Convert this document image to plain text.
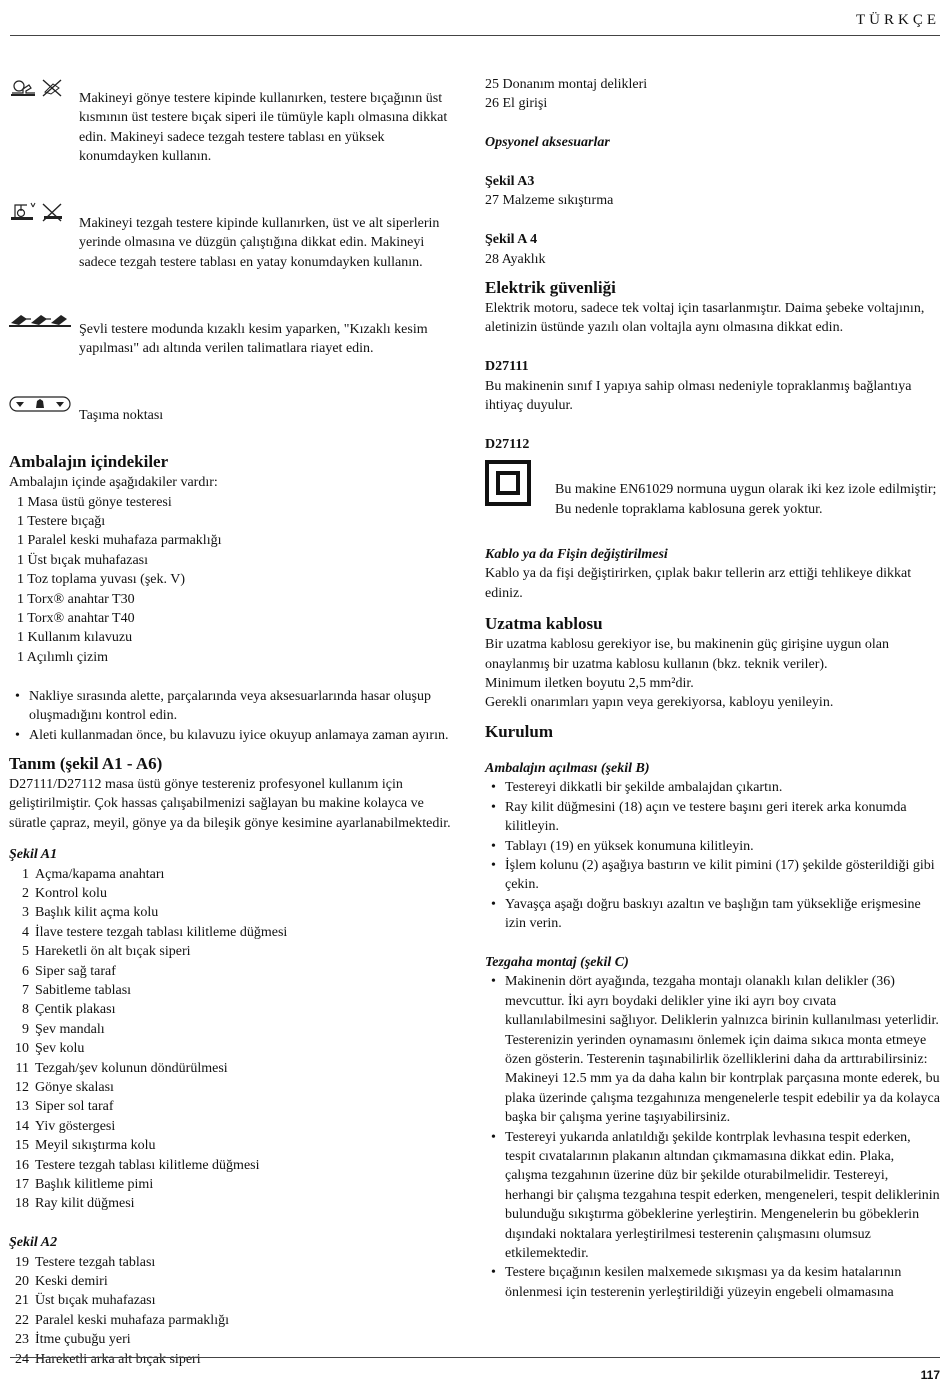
TÜRKÇE

Makineyi gönye testere kipinde kullanırken, testere bıçağının üst kısmının üst testere bıçak siperi ile tümüyle kaplı olmasına dikkat edin. Makineyi sadece tezgah testere tablası en yüksek konumdayken kullanın.

Makineyi tezgah testere kipinde kullanırken, üst ve alt siperlerin yerinde olmasına ve düzgün çalıştığına dikkat edin. Makineyi sadece tezgah testere tablası en yatay konumdayken kullanın.

Şevli testere modunda kızaklı kesim yaparken, "Kızaklı kesim yapılması" adı altında verilen talimatlara riayet edin.

Taşıma noktası

Ambalajın içindekiler

Ambalajın içinde aşağıdakiler vardır:

1 Masa üstü gönye testeresi
1 Testere bıçağı
1 Paralel keski muhafaza parmaklığı
1 Üst bıçak muhafazası
1 Toz toplama yuvası (şek. V)
1 Torx® anahtar T30
1 Torx® anahtar T40
1 Kullanım kılavuzu
1 Açılımlı çizim
• Nakliye sırasında alette, parçalarında veya aksesuarlarında hasar oluşup oluşmadığını kontrol edin.
• Aleti kullanmadan önce, bu kılavuzu iyice okuyup anlamaya zaman ayırın.

Tanım (şekil A1 - A6)

D27111/D27112 masa üstü gönye testereniz profesyonel kullanım için geliştirilmiştir. Çok hassas çalışabilmenizi sağlayan bu makine kolayca ve süratle çapraz, meyil, gönye ya da bileşik gönye kesimine ayarlanabilmektedir.

Şekil A1

1 Açma/kapama anahtarı
2 Kontrol kolu
3 Başlık kilit açma kolu
4 İlave testere tezgah tablası kilitleme düğmesi
5 Hareketli ön alt bıçak siperi
6 Siper sağ taraf
7 Sabitleme tablası
8 Çentik plakası
9 Şev mandalı
10 Şev kolu
11 Tezgah/şev kolunun döndürülmesi
12 Gönye skalası
13 Siper sol taraf
14 Yiv göstergesi
15 Meyil sıkıştırma kolu
16 Testere tezgah tablası kilitleme düğmesi
17 Başlık kilitleme pimi
18 Ray kilit düğmesi

Şekil A2

19 Testere tezgah tablası
20 Keski demiri
21 Üst bıçak muhafazası
22 Paralel keski muhafaza parmaklığı
23 İtme çubuğu yeri
24 Hareketli arka alt bıçak siperi
25
Donanım montaj delikleri
26
El girişi

Opsyonel aksesuarlar

Şekil A3

27 Malzeme sıkıştırma

Şekil A 4

28 Ayaklık

Elektrik güvenliği

Elektrik motoru, sadece tek voltaj için tasarlanmıştır. Daima şebeke voltajının, aletinizin üstünde yazılı olan voltajla aynı olmasına dikkat edin.

D27111

Bu makinenin sınıf I yapıya sahip olması nedeniyle topraklanmış bağlantıya ihtiyaç duyulur.

D27112

Bu makine EN61029 normuna uygun olarak iki kez izole edilmiştir; Bu nedenle topraklama kablosuna gerek yoktur.

Kablo ya da Fişin değiştirilmesi

Kablo ya da fişi değiştirirken, çıplak bakır tellerin arz ettiği tehlikeye dikkat ediniz.

Uzatma kablosu

Bir uzatma kablosu gerekiyor ise, bu makinenin güç girişine uygun olan onaylanmış bir uzatma kablosu kullanın (bkz. teknik veriler).

Minimum iletken boyutu 2,5 mm²dir.

Gerekli onarımları yapın veya gerekiyorsa, kabloyu yenileyin.

Kurulum

Ambalajın açılması (şekil B)

• Testereyi dikkatli bir şekilde ambalajdan çıkartın.
• Ray kilit düğmesini (18) açın ve testere başını geri iterek arka konumda kilitleyin.
• Tablayı (19) en yüksek konumuna kilitleyin.
• İşlem kolunu (2) aşağıya bastırın ve kilit pimini (17) şekilde gösterildiği gibi çekin.
• Yavaşça aşağı doğru baskıyı azaltın ve başlığın tam yüksekliğe erişmesine izin verin.

Tezgaha montaj (şekil C)

• Makinenin dört ayağında, tezgaha montajı olanaklı kılan delikler (36) mevcuttur. İki ayrı boydaki delikler yine iki ayrı boy cıvata kullanılabilmesini sağlıyor. Deliklerin yalnızca birinin kullanılması yeterlidir. Testerenizin yerinden oynamasını önlemek için daima sıkıca monta etmeye özen gösterin. Testerenin taşınabilirlik özelliklerini daha da arttırabilirsiniz: Makineyi 12.5 mm ya da daha kalın bir kontrplak parçasına monte ederek, bu plaka üzerinde çalışma tezgahınıza mengenelerle tespit edebilir ya da kolayca başka bir çalışma yerine taşıyabilirsiniz.
• Testereyi yukarıda anlatıldığı şekilde kontrplak levhasına tespit ederken, tespit cıvatalarının plakanın altından çıkmamasına dikkat edin. Plaka, çalışma tezgahının üzerine düz bir şekilde oturabilmelidir. Testereyi, herhangi bir çalışma tezgahına tespit ederken, mengeneleri, tespit deliklerinin bulunduğu sıkıştırma göbeklerine yerleştirin. Mengenelerin bu göbeklerin dışındaki noktalara yerleştirilmesi testerenin çalışmasını olumsuz etkilemektedir.
• Testere bıçağının kesilen malxemede sıkışması ya da kesim hatalarının önlenmesi için testerenin yerleştirildiği yüzeyin engebeli olmamasına
117
